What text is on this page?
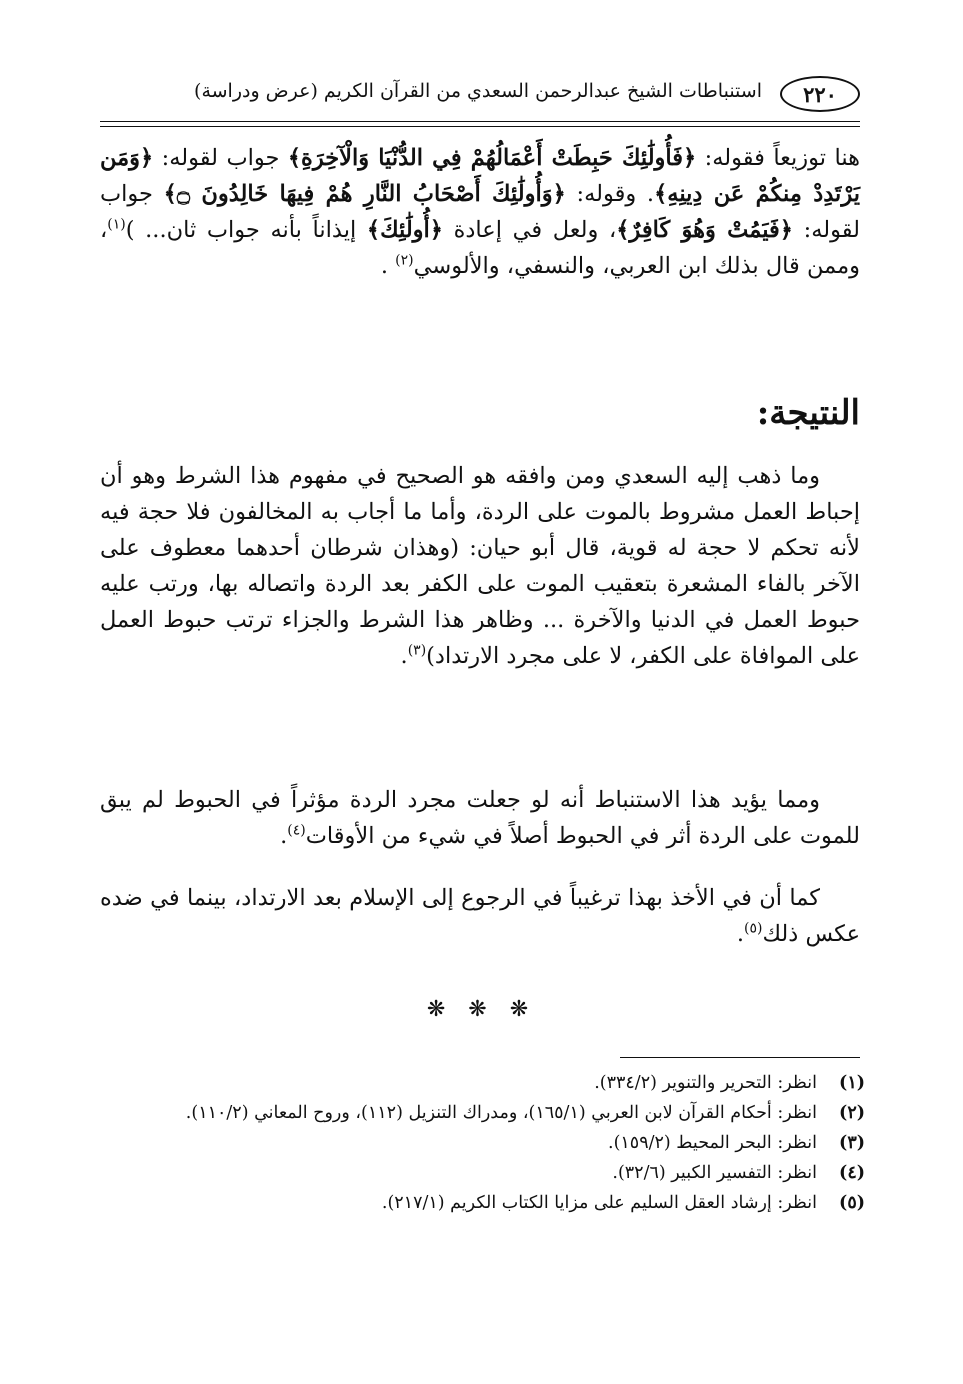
٢٢٠
استنباطات الشيخ عبدالرحمن السعدي من القرآن الكريم (عرض ودراسة)
هنا توزيعاً فقوله: ﴿فَأُولَٰئِكَ حَبِطَتْ أَعْمَالُهُمْ فِي الدُّنْيَا وَالْآخِرَةِ﴾ جواب لقوله: ﴿وَمَن يَرْتَدِدْ مِنكُمْ عَن دِينِهِ﴾. وقوله: ﴿وَأُولَٰئِكَ أَصْحَابُ النَّارِ هُمْ فِيهَا خَالِدُونَ ۝﴾ جواب لقوله: ﴿فَيَمُتْ وَهُوَ كَافِرٌ﴾، ولعل في إعادة ﴿أُولَٰئِكَ﴾ إيذاناً بأنه جواب ثان... )$^{(١)}$، وممن قال بذلك ابن العربي، والنسفي، والألوسي$^{(٢)}$ .
النتيجة:
وما ذهب إليه السعدي ومن وافقه هو الصحيح في مفهوم هذا الشرط وهو أن إحباط العمل مشروط بالموت على الردة، وأما ما أجاب به المخالفون فلا حجة فيه لأنه تحكم لا حجة له قوية، قال أبو حيان: (وهذان شرطان أحدهما معطوف على الآخر بالفاء المشعرة بتعقيب الموت على الكفر بعد الردة واتصاله بها، ورتب عليه حبوط العمل في الدنيا والآخرة ... وظاهر هذا الشرط والجزاء ترتب حبوط العمل على الموافاة على الكفر، لا على مجرد الارتداد)$^{(٣)}$.
ومما يؤيد هذا الاستنباط أنه لو جعلت مجرد الردة مؤثراً في الحبوط لم يبق للموت على الردة أثر في الحبوط أصلاً في شيء من الأوقات$^{(٤)}$.
كما أن في الأخذ بهذا ترغيباً في الرجوع إلى الإسلام بعد الارتداد، بينما في ضده عكس ذلك$^{(٥)}$.
❋ ❋ ❋
(١)
انظر: التحرير والتنوير (٣٣٤/٢).
(٢)
انظر: أحكام القرآن لابن العربي (١٦٥/١)، ومدراك التنزيل (١١٢)، وروح المعاني (١١٠/٢).
(٣)
انظر: البحر المحيط (١٥٩/٢).
(٤)
انظر: التفسير الكبير (٣٢/٦).
(٥)
انظر: إرشاد العقل السليم على مزايا الكتاب الكريم (٢١٧/١).
